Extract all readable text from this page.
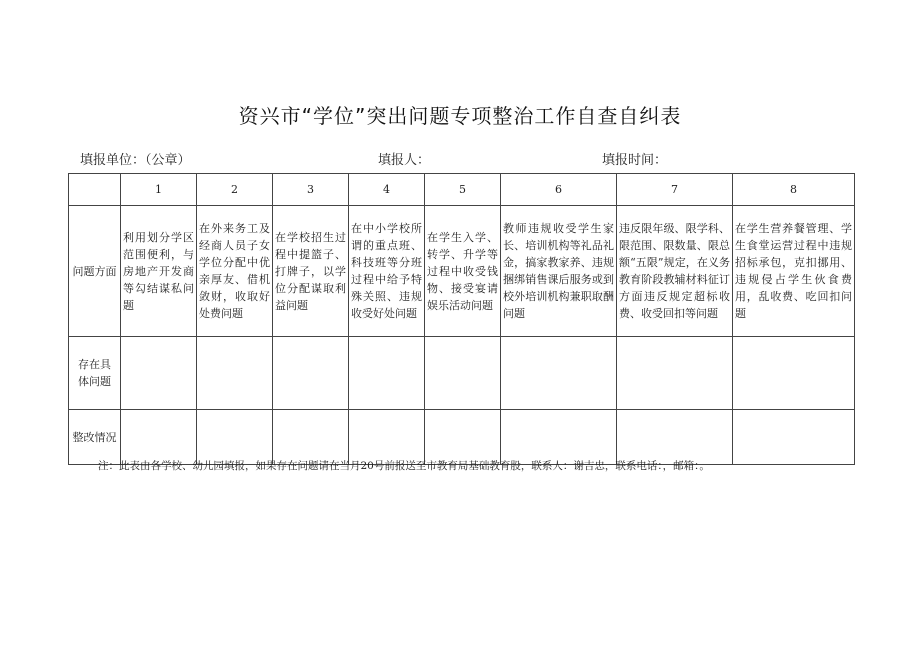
资兴市“学位”突出问题专项整治工作自查自纠表
填报单位：（公章）	填报人：	填报时间：
	1	2	3	4	5	6	7	8
问题方面	利用划分学区范围便利，与房地产开发商等勾结谋私问题	在外来务工及经商人员子女学位分配中优亲厚友、借机敛财，收取好处费问题	在学校招生过程中提篮子、打牌子，以学位分配谋取利益问题	在中小学校所谓的重点班、科技班等分班过程中给予特殊关照、违规收受好处问题	在学生入学、转学、升学等过程中收受钱物、接受宴请娱乐活动问题	教师违规收受学生家长、培训机构等礼品礼金，搞家教家养、违规捆绑销售课后服务或到校外培训机构兼职取酬问题	违反限年级、限学科、限范围、限数量、限总额“五限”规定，在义务教育阶段教辅材料征订方面违反规定超标收费、收受回扣等问题	在学生营养餐管理、学生食堂运营过程中违规招标承包，克扣挪用、违规侵占学生伙食费用，乱收费、吃回扣问题
存在具体问题								
整改情况								
注：此表由各学校、幼儿园填报，如果存在问题请在当月20号前报送至市教育局基础教育股，联系人：谢吉忠，联系电话：，邮箱：。
